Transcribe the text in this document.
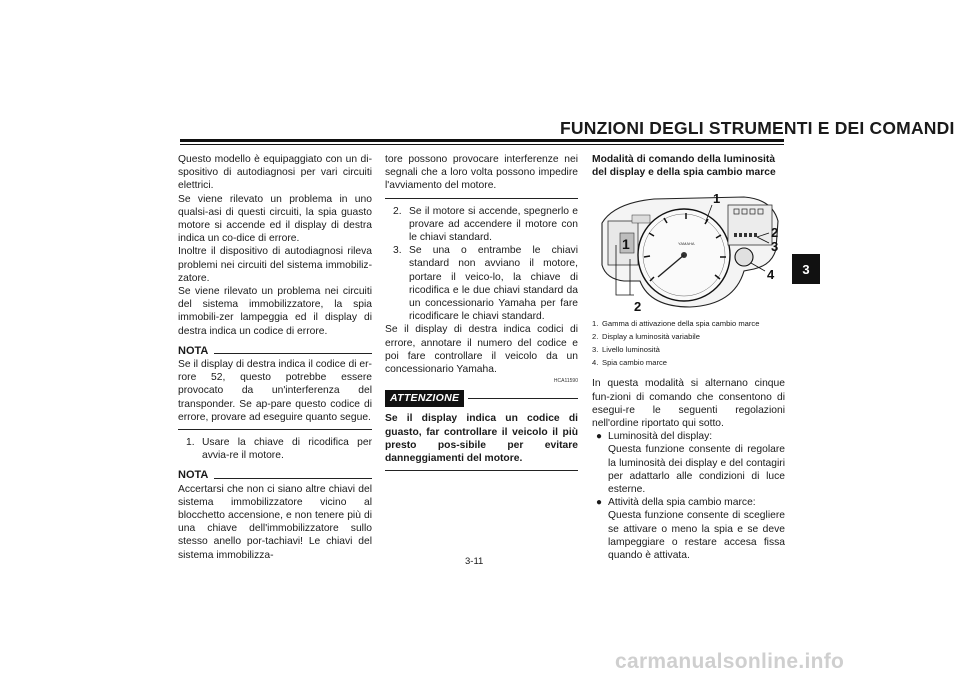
FUNZIONI DEGLI STRUMENTI E DEI COMANDI
3

Questo modello è equipaggiato con un di-spositivo di autodiagnosi per vari circuiti elettrici.

Se viene rilevato un problema in uno qualsi-asi di questi circuiti, la spia guasto motore si accende ed il display di destra indica un co-dice di errore.

Inoltre il dispositivo di autodiagnosi rileva problemi nei circuiti del sistema immobiliz-zatore.

Se viene rilevato un problema nei circuiti del sistema immobilizzatore, la spia immobili-zer lampeggia ed il display di destra indica un codice di errore.

NOTA

Se il display di destra indica il codice di er-rore 52, questo potrebbe essere provocato da un'interferenza del transponder. Se ap-pare questo codice di errore, provare ad eseguire quanto segue.

1. Usare la chiave di ricodifica per avvia-re il motore.
NOTA

Accertarsi che non ci siano altre chiavi del sistema immobilizzatore vicino al blocchetto accensione, e non tenere più di una chiave dell'immobilizzatore sullo stesso anello por-tachiavi! Le chiavi del sistema immobilizza-

tore possono provocare interferenze nei segnali che a loro volta possono impedire l'avviamento del motore.

2. Se il motore si accende, spegnerlo e provare ad accendere il motore con le chiavi standard.
3. Se una o entrambe le chiavi standard non avviano il motore, portare il veico-lo, la chiave di ricodifica e le due chiavi standard da un concessionario Yamaha per fare ricodificare le chiavi standard.

Se il display di destra indica codici di errore, annotare il numero del codice e poi fare controllare il veicolo da un concessionario Yamaha.

HCA11590
ATTENZIONE

Se il display indica un codice di guasto, far controllare il veicolo il più presto pos-sibile per evitare danneggiamenti del motore.

Modalità di comando della luminosità del display e della spia cambio marce
1	YAMAHA
1
2
3
4
2
1. Gamma di attivazione della spia cambio marce
2. Display a luminosità variabile
3. Livello luminosità
4. Spia cambio marce

In questa modalità si alternano cinque fun-zioni di comando che consentono di esegui-re le seguenti regolazioni nell'ordine riportato qui sotto.

● Luminosità del display:
Questa funzione consente di regolare la luminosità dei display e del contagiri per adattarlo alle condizioni di luce esterne.
● Attività della spia cambio marce:
Questa funzione consente di scegliere se attivare o meno la spia e se deve lampeggiare o restare accesa fissa quando è attivata.
3-11
carmanualsonline.info
